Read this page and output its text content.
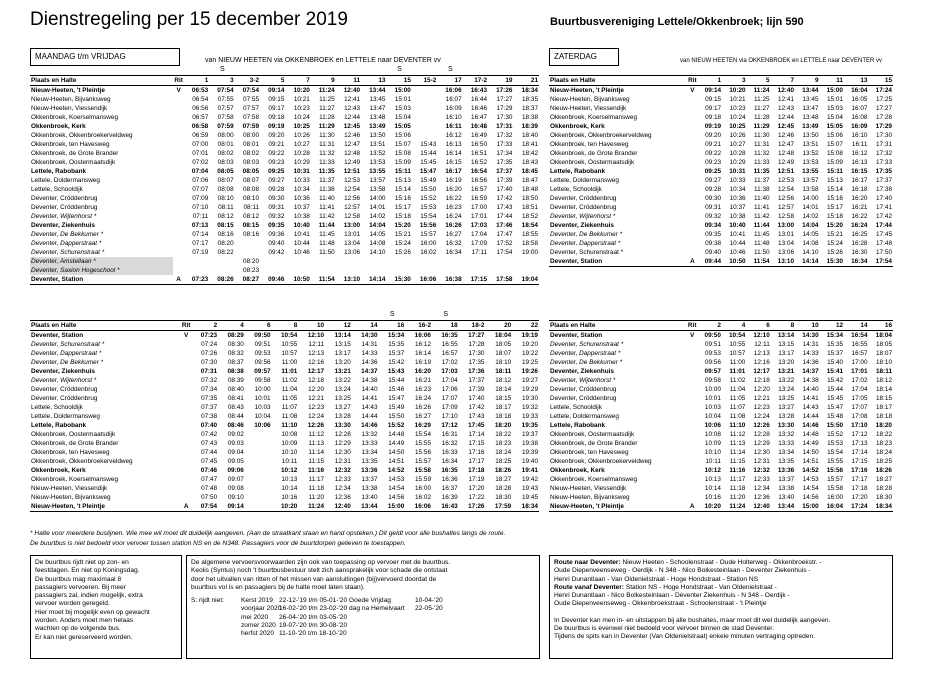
Dienstregeling per 15 december 2019	Buurtbusvereniging Lettele/Okkenbroek; lijn 590
MAANDAG t/m VRIJDAG	van NIEUW HEETEN via OKKENBROEK en LETTELE naar DEVENTER vv	ZATERDAG	van NIEUW HEETEN via OKKENBROEK en LETTELE naar DEVENTER vv
S	S	S
S	S
Plaats en Halte	Rit	1	3	3-2	5	7	9	11	13	15	15-2	17	17-2	19	21
Nieuw-Heeten, 't Pleintje	V	06:53	07:54	07:54	09:14	10:20	11:24	12:40	13:44	15:00		16:06	16:43	17:26	18:34
Nieuw-Heeten, Bijvanksweg		06:54	07:55	07:55	09:15	10:21	11:25	12:41	13:45	15:01		16:07	16:44	17:27	18:35
Nieuw-Heeten, Viessendijk		06:56	07:57	07:57	09:17	10:23	11:27	12:43	13:47	15:03		16:09	16:46	17:29	18:37
Okkenbroek, Koerselmansweg		06:57	07:58	07:58	09:18	10:24	11:28	12:44	13:48	15:04		16:10	16:47	17:30	18:38
Okkenbroek, Kerk		06:58	07:59	07:59	09:19	10:25	11:29	12:45	13:49	15:05		16:11	16:48	17:31	18:39
Okkenbroek, Okkenbroekerveldweg		06:59	08:00	08:00	09:20	10:26	11:30	12:46	13:50	15:06		16:12	16:49	17:32	18:40
Okkenbroek, ten Havesweg		07:00	08:01	08:01	09:21	10:27	11:31	12:47	13:51	15:07	15:43	16:13	16:50	17:33	18:41
Okkenbroek, de Grote Brander		07:01	08:02	08:02	09:22	10:28	11:32	12:48	13:52	15:08	15:44	16:14	16:51	17:34	18:42
Okkenbroek, Oostermaatsdijk		07:02	08:03	08:03	09:23	10:29	11:33	12:49	13:53	15:09	15:45	16:15	16:52	17:35	18:43
Lettele, Rabobank		07:04	08:05	08:05	09:25	10:31	11:35	12:51	13:55	15:11	15:47	16:17	16:54	17:37	18:45
Lettele, Doldermansweg		07:06	08:07	08:07	09:27	10:33	11:37	12:53	13:57	15:13	15:49	16:19	16:56	17:39	18:47
Lettele, Schooldijk		07:07	08:08	08:08	09:28	10:34	11:38	12:54	13:58	15:14	15:50	16:20	16:57	17:40	18:48
Deventer, Cröddenbrug		07:09	08:10	08:10	09:30	10:36	11:40	12:56	14:00	15:16	15:52	16:22	16:59	17:42	18:50
Deventer, Cröddenbrug		07:10	08:11	08:11	09:31	10:37	11:41	12:57	14:01	15:17	15:53	16:23	17:00	17:43	18:51
Deventer, Wijtenhorst *		07:11	08:12	08:12	09:32	10:38	11:42	12:58	14:02	15:18	15:54	16:24	17:01	17:44	18:52
Deventer, Ziekenhuis		07:13	08:15	08:15	09:35	10:40	11:44	13:00	14:04	15:20	15:56	16:26	17:03	17:46	18:54
Deventer, De Bekkumer *		07:14	08:16	08:16	09:36	10:41	11:45	13:01	14:05	15:21	15:57	16:27	17:04	17:47	18:55
Deventer, Dapperstraat *		07:17	08:20		09:40	10:44	11:48	13:04	14:08	15:24	16:00	16:32	17:09	17:52	18:58
Deventer, Schurenstraat *		07:19	08:22		09:42	10:46	11:50	13:06	14:10	15:26	16:02	16:34	17:11	17:54	19:00
Deventer, Amstellaan *				08:20											
Deventer, Saxion Hogeschool *				08:23											
Deventer, Station	A	07:23	08:26	08:27	09:46	10:50	11:54	13:10	14:14	15:30	16:06	16:38	17:15	17:58	19:04
Plaats en Halte	Rit	1	3	5	7	9	11	13	15
Nieuw-Heeten, 't Pleintje	V	09:14	10:20	11:24	12:40	13:44	15:00	16:04	17:24
Nieuw-Heeten, Bijvanksweg		09:15	10:21	11:25	12:41	13:45	15:01	16:05	17:25
Nieuw-Heeten, Viessendijk		09:17	10:23	11:27	12:43	13:47	15:03	16:07	17:27
Okkenbroek, Koerselmansweg		09:18	10:24	11:28	12:44	13:48	15:04	16:08	17:28
Okkenbroek, Kerk		09:19	10:25	11:29	12:45	13:49	15:05	16:09	17:29
Okkenbroek, Okkenbroekerveldweg		09:20	10:26	11:30	12:46	13:50	15:06	16:10	17:30
Okkenbroek, ten Havesweg		09:21	10:27	11:31	12:47	13:51	15:07	16:11	17:31
Okkenbroek, de Grote Brander		09:22	10:28	11:32	12:48	13:52	15:08	16:12	17:32
Okkenbroek, Oostermaatsdijk		09:23	10:29	11:33	12:49	13:53	15:09	16:13	17:33
Lettele, Rabobank		09:25	10:31	11:35	12:51	13:55	15:11	16:15	17:35
Lettele, Doldermansweg		09:27	10:33	11:37	12:53	13:57	15:13	16:17	17:37
Lettele, Schooldijk		09:28	10:34	11:38	12:54	13:58	15:14	16:18	17:38
Deventer, Cröddenbrug		09:30	10:36	11:40	12:56	14:00	15:16	16:20	17:40
Deventer, Cröddenbrug		09:31	10:37	11:41	12:57	14:01	15:17	16:21	17:41
Deventer, Wijtenhorst *		09:32	10:38	11:42	12:58	14:02	15:18	16:22	17:42
Deventer, Ziekenhuis		09:34	10:40	11:44	13:00	14:04	15:20	16:24	17:44
Deventer, De Bekkumer *		09:35	10:41	11:45	13:01	14:05	15:21	16:25	17:45
Deventer, Dapperstraat *		09:38	10:44	11:48	13:04	14:08	15:24	16:28	17:48
Deventer, Schurenstraat *		09:40	10:46	11:50	13:06	14:10	15:26	16:30	17:50

Deventer, Station	A	09:44	10:50	11:54	13:10	14:14	15:30	16:34	17:54
Plaats en Halte	Rit	2	4	6	8	10	12	14	16	16-2	18	18-2	20	22
Deventer, Station	V	07:23	08:29	09:50	10:54	12:10	13:14	14:30	15:34	16:06	16:35	17:27	18:04	19:19
Deventer, Schurenstraat *		07:24	08:30	09:51	10:55	12:11	13:15	14:31	15:35	16:12	16:55	17:28	18:05	19:20
Deventer, Dapperstraat *		07:26	08:32	09:53	10:57	12:13	13:17	14:33	15:37	16:14	16:57	17:30	18:07	19:22
Deventer, De Bekkumer *		07:30	08:37	09:56	11:00	12:16	13:20	14:36	15:42	16:19	17:02	17:35	18:10	19:25
Deventer, Ziekenhuis		07:31	08:38	09:57	11:01	12:17	13:21	14:37	15:43	16:20	17:03	17:36	18:11	19:26
Deventer, Wijtenhorst *		07:32	08:39	09:58	11:02	12:18	13:22	14:38	15:44	16:21	17:04	17:37	18:12	19:27
Deventer, Cröddenbrug		07:34	08:40	10:00	11:04	12:20	13:24	14:40	15:46	16:23	17:06	17:39	18:14	19:29
Deventer, Cröddenbrug		07:35	08:41	10:01	11:05	12:21	13:25	14:41	15:47	16:24	17:07	17:40	18:15	19:30
Lettele, Schooldijk		07:37	08:43	10:03	11:07	12:23	13:27	14:43	15:49	16:26	17:09	17:42	18:17	19:32
Lettele, Doldermansweg		07:38	08:44	10:04	11:08	12:24	13:28	14:44	15:50	16:27	17:10	17:43	18:18	19:33
Lettele, Rabobank		07:40	08:46	10:06	11:10	12:26	13:30	14:46	15:52	16:29	17:12	17:45	18:20	19:35
Okkenbroek, Oostermaatsdijk		07:42	09:02		10:08	11:12	12:28	13:32	14:48	15:54	16:31	17:14	18:22	19:37
Okkenbroek, de Grote Brander		07:43	09:03		10:09	11:13	12:29	13:33	14:49	15:55	16:32	17:15	18:23	19:38
Okkenbroek, ten Havesweg		07:44	09:04		10:10	11:14	12:30	13:34	14:50	15:56	16:33	17:16	18:24	19:39
Okkenbroek, Okkenbroekerveldweg		07:45	09:05		10:11	11:15	12:31	13:35	14:51	15:57	16:34	17:17	18:25	19:40
Okkenbroek, Kerk		07:46	09:06		10:12	11:16	12:32	13:36	14:52	15:58	16:35	17:18	18:26	19:41
Okkenbroek, Koerselmansweg		07:47	09:07		10:13	11:17	12:33	13:37	14:53	15:59	16:36	17:19	18:27	19:42
Nieuw-Heeten, Viessendijk		07:48	09:08		10:14	11:18	12:34	13:38	14:54	16:00	16:37	17:20	18:28	19:43
Nieuw-Heeten, Bijvanksweg		07:50	09:10		10:16	11:20	12:36	13:40	14:56	16:02	16:39	17:22	18:30	19:45
Nieuw-Heeten, 't Pleintje	A	07:54	09:14		10:20	11:24	12:40	13:44	15:00	16:06	16:43	17:26	17:59	18:34
Plaats en Halte	Rit	2	4	6	8	10	12	14	16
Deventer, Station	V	09:50	10:54	12:10	13:14	14:30	15:34	16:54	18:04
Deventer, Schurenstraat *		09:51	10:55	12:11	13:15	14:31	15:35	16:55	18:05
Deventer, Dapperstraat *		09:53	10:57	12:13	13:17	14:33	15:37	16:57	18:07
Deventer, De Bekkumer *		09:56	11:00	12:16	13:20	14:36	15:40	17:00	18:10
Deventer, Ziekenhuis		09:57	11:01	12:17	13:21	14:37	15:41	17:01	18:11
Deventer, Wijtenhorst *		09:58	11:02	12:18	13:22	14:38	15:42	17:02	18:12
Deventer, Cröddenbrug		10:00	11:04	12:20	13:24	14:40	15:44	17:04	18:14
Deventer, Cröddenbrug		10:01	11:05	12:21	13:25	14:41	15:45	17:05	18:15
Lettele, Schooldijk		10:03	11:07	12:23	13:27	14:43	15:47	17:07	18:17
Lettele, Doldermansweg		10:04	11:08	12:24	13:28	14:44	15:48	17:08	18:18
Lettele, Rabobank		10:06	11:10	12:26	13:30	14:46	15:50	17:10	18:20
Okkenbroek, Oostermaatsdijk		10:08	11:12	12:28	13:32	14:48	15:52	17:12	18:22
Okkenbroek, de Grote Brander		10:09	11:13	12:29	13:33	14:49	15:53	17:13	18:23
Okkenbroek, ten Havesweg		10:10	11:14	12:30	13:34	14:50	15:54	17:14	18:24
Okkenbroek, Okkenbroekerveldweg		10:11	11:15	12:31	13:35	14:51	15:55	17:15	18:25
Okkenbroek, Kerk		10:12	11:16	12:32	13:36	14:52	15:56	17:16	18:26
Okkenbroek, Koerselmansweg		10:13	11:17	12:33	13:37	14:53	15:57	17:17	18:27
Nieuw-Heeten, Viessendijk		10:14	11:18	12:34	13:38	14:54	15:58	17:18	18:28
Nieuw-Heeten, Bijvanksweg		10:16	11:20	12:36	13:40	14:56	16:00	17:20	18:30
Nieuw-Heeten, 't Pleintje	A	10:20	11:24	12:40	13:44	15:00	16:04	17:24	18:34
* Halte voor meerdere buslijnen. Wie mee wil moet dit duidelijk aangeven. (Aan de straatkant staan en hand opsteken.) Dit geldt voor alle bushaltes langs de route.
De buurtbus is niet bedoeld voor vervoer tussen station NS en de N348. Passagiers voor de buurtdorpen gelieven te toestappen.
De buurtbus rijdt niet op zon- en
feestdagen. En niet op Koningsdag.
De buurtbus mag maximaal 8
passagiers vervoeren. Bij meer
passagiers zal, indien mogelijk, extra
vervoer worden geregeld.
Hier moet bij mogelijk even op gewacht
worden. Anders moet men helaas
wachten op de volgende bus.
Er kan niet gereserveerd worden.
De algemene vervoersvoorwaarden zijn ook van toepassing op vervoer met de buurtbus.
Keolis (Syntus) noch 't buurtbusbestuur stelt zich aansprakelijk voor schade die ontstaat
door het uitvallen van ritten of het missen van aansluitingen (bij)vervoerd doordat de
buurtbus vol is en passagiers bij de halte moet laten staan).
S: rijdt niet:	Kerst 2019 22-12-'19 t/m 05-01-'20 Goede Vrijdag	10-04-'20
voorjaar 2020
16-02-'20 t/m 23-02-'20 dag na Hemelvaart	22-05-'20
mei 2020	26-04-'20 t/m 03-05-'20
zomer 2020 19-07-'20 t/m 30-08-'20
herfst 2020 11-10-'20 t/m 18-10-'20
Route naar Deventer: Nieuw Heeten - Schoolenstraat - Oude Holterweg - Okkenbroekstr. -
Oude Diepenveenseweg - Oerdijk - N 348 - Nico Bolkesteinlaan - Deventer Ziekenhuis -
Henri Dunantlaan - Van Oldenielstraat - Hoge Hondstraat - Station NS
Route vanaf Deventer: Station NS - Hoge Hondstraat - Van Oldenielstraat -
Henri Dunantlaan - Nico Bolkesteinlaan - Deventer Ziekenhuis - N 348 - Oerdijk -
Oude Diepenveenseweg - Okkenbroekstraat - Schoolenstraat - 't Pleintje
In Deventer kan men in- en uitstappen bij alle bushaltes, maar moet dit wel duidelijk aangeven.
De buurtbus is evenwel niet bedoeld voor vervoer binnen de stad Deventer.
Tijdens de spits kan in Deventer (Van Oldenielstraat) enkele minuten vertraging optreden.
